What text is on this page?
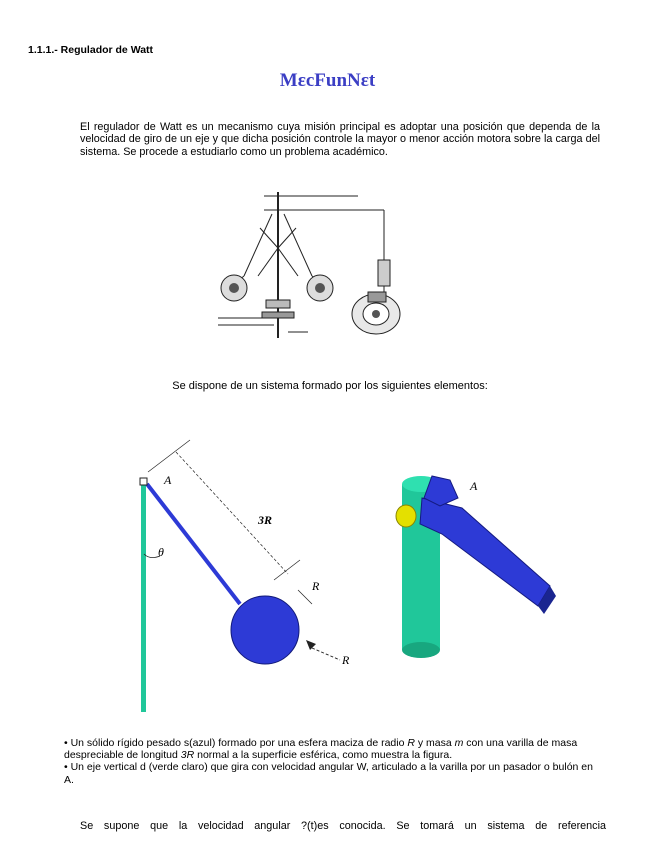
1.1.1.- Regulador de Watt
MεcFunNεt
El regulador de Watt es un mecanismo cuya misión principal es adoptar una posición que dependa de la velocidad de giro de un eje y que dicha posición controle la mayor o menor acción motora sobre la carga del sistema. Se procede a estudiarlo como un problema académico.
Se dispone de un sistema formado por los siguientes elementos:
A
3R
θ
R
R
A

• Un sólido rígido pesado s(azul) formado por una esfera maciza de radio R y masa m con una varilla de masa despreciable de longitud 3R normal a la superficie esférica, como muestra la figura.

• Un eje vertical d (verde claro) que gira con velocidad angular W, articulado a la varilla por un pasador o bulón en A.

Se supone que la velocidad angular ?(t)es conocida. Se tomará un sistema de referencia
